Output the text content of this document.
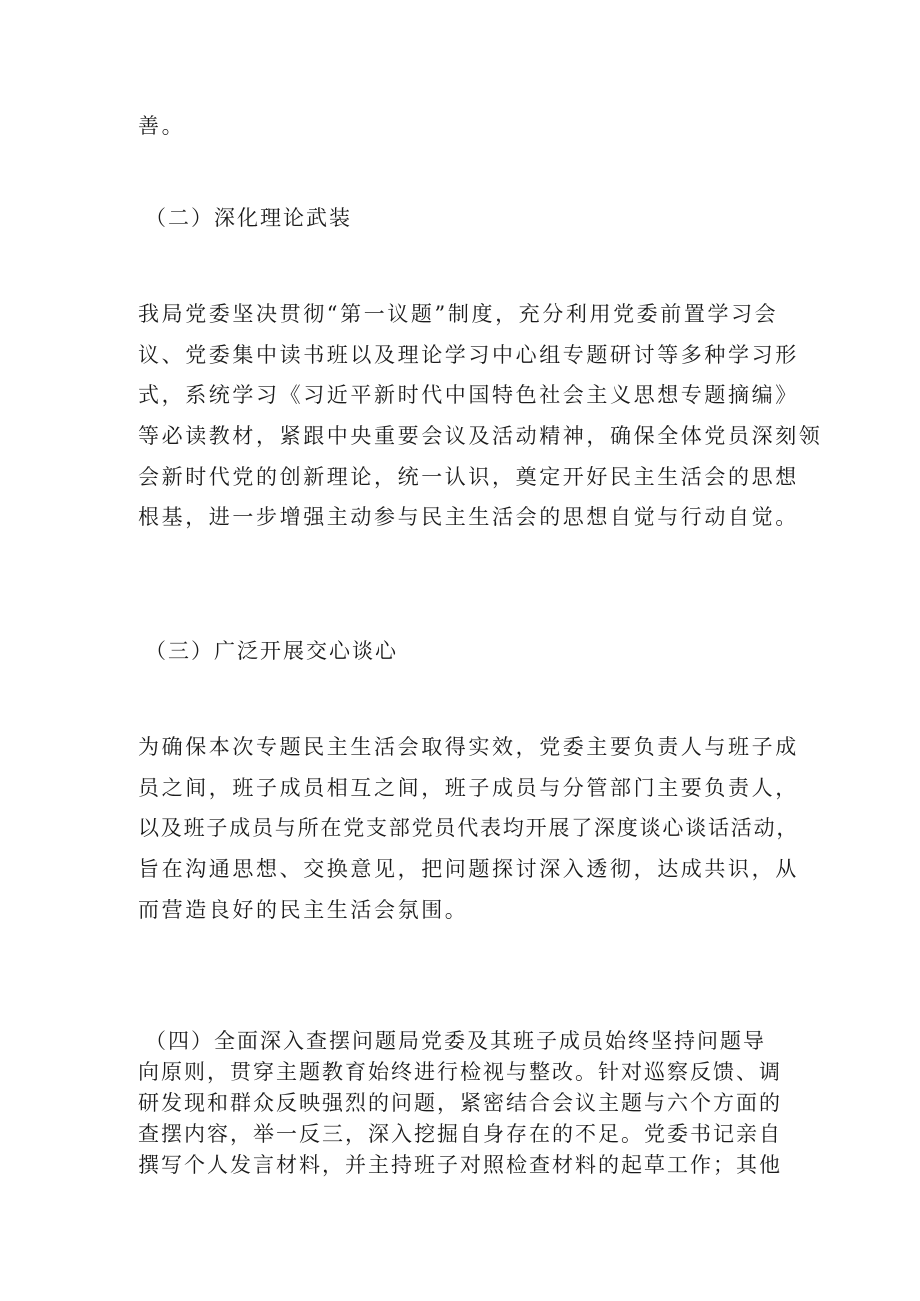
善。
（二）深化理论武装
我局党委坚决贯彻“第一议题”制度，充分利用党委前置学习会
议、党委集中读书班以及理论学习中心组专题研讨等多种学习形
式，系统学习《习近平新时代中国特色社会主义思想专题摘编》
等必读教材，紧跟中央重要会议及活动精神，确保全体党员深刻领
会新时代党的创新理论，统一认识，奠定开好民主生活会的思想
根基，进一步增强主动参与民主生活会的思想自觉与行动自觉。
（三）广泛开展交心谈心
为确保本次专题民主生活会取得实效，党委主要负责人与班子成
员之间，班子成员相互之间，班子成员与分管部门主要负责人，
以及班子成员与所在党支部党员代表均开展了深度谈心谈话活动，
旨在沟通思想、交换意见，把问题探讨深入透彻，达成共识，从
而营造良好的民主生活会氛围。
（四）全面深入查摆问题局党委及其班子成员始终坚持问题导
向原则，贯穿主题教育始终进行检视与整改。针对巡察反馈、调
研发现和群众反映强烈的问题，紧密结合会议主题与六个方面的
查摆内容，举一反三，深入挖掘自身存在的不足。党委书记亲自
撰写个人发言材料，并主持班子对照检查材料的起草工作；其他
